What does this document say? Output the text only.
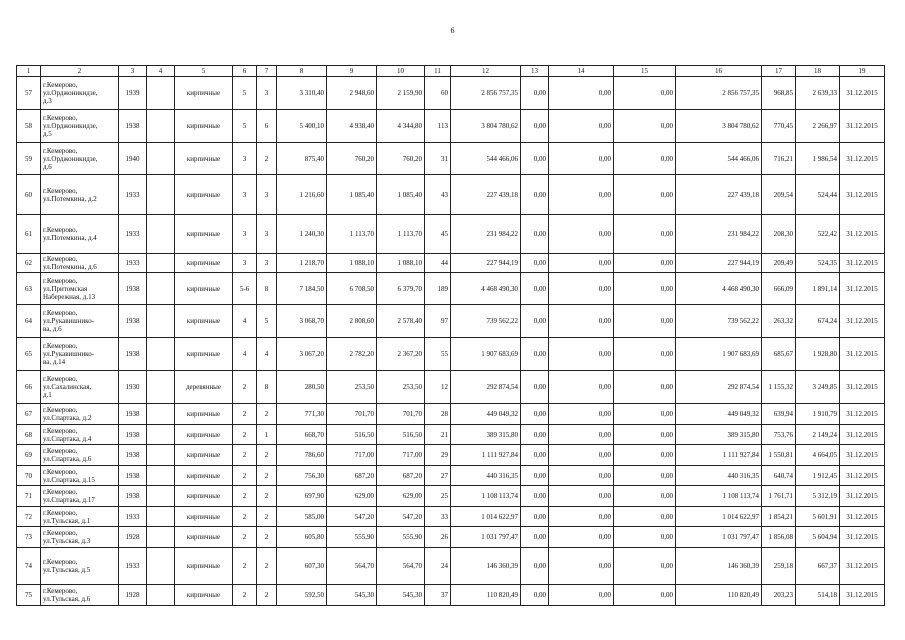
6
1	2	3	4	5	6	7	8	9	10	11	12	13	14	15	16	17	18	19
57	г.Кемерово,
ул.Орджоникидзе,
д.3	1939		кирпичные	5	3	3 310,40	2 948,60	2 159,90	60	2 856 757,35	0,00	0,00	0,00	2 856 757,35	968,85	2 639,33	31.12.2015
58	г.Кемерово,
ул.Орджоникидзе,
д.5	1938		кирпичные	5	6	5 400,10	4 938,40	4 344,80	113	3 804 780,62	0,00	0,00	0,00	3 804 780,62	770,45	2 266,97	31.12.2015
59	г.Кемерово,
ул.Орджоникидзе,
д.6	1940		кирпичные	3	2	875,40	760,20	760,20	31	544 466,06	0,00	0,00	0,00	544 466,06	716,21	1 986,54	31.12.2015
60	г.Кемерово,
ул.Потемкина, д.2	1933		кирпичные	3	3	1 216,60	1 085,40	1 085,40	43	227 439,18	0,00	0,00	0,00	227 439,18	209,54	524,44	31.12.2015
61	г.Кемерово,
ул.Потемкина, д.4	1933		кирпичные	3	3	1 240,30	1 113,70	1 113,70	45	231 984,22	0,00	0,00	0,00	231 984,22	208,30	522,42	31.12.2015
62	г.Кемерово,
ул.Потемкина, д.6	1933		кирпичные	3	3	1 218,70	1 088,10	1 088,10	44	227 944,19	0,00	0,00	0,00	227 944,19	209,49	524,35	31.12.2015
63	г.Кемерово,
ул.Притомская
Набережная, д.13	1938		кирпичные	5-6	8	7 184,50	6 708,50	6 379,70	189	4 468 490,30	0,00	0,00	0,00	4 468 490,30	666,09	1 891,14	31.12.2015
64	г.Кемерово,
ул.Рукавишнико-
ва, д.6	1938		кирпичные	4	5	3 068,70	2 808,60	2 578,40	97	739 562,22	0,00	0,00	0,00	739 562,22	263,32	674,24	31.12.2015
65	г.Кемерово,
ул.Рукавишнико-
ва, д.14	1938		кирпичные	4	4	3 067,20	2 782,20	2 367,20	55	1 907 683,69	0,00	0,00	0,00	1 907 683,69	685,67	1 928,80	31.12.2015
66	г.Кемерово,
ул.Сахалинская,
д.1	1930		деревянные	2	8	280,50	253,50	253,50	12	292 874,54	0,00	0,00	0,00	292 874,54	1 155,32	3 249,85	31.12.2015
67	г.Кемерово,
ул.Спартака, д.2	1938		кирпичные	2	2	771,30	701,70	701,70	28	449 049,32	0,00	0,00	0,00	449 049,32	639,94	1 910,79	31.12.2015
68	г.Кемерово,
ул.Спартака, д.4	1938		кирпичные	2	1	668,70	516,50	516,50	21	389 315,80	0,00	0,00	0,00	389 315,80	753,76	2 149,24	31.12.2015
69	г.Кемерово,
ул.Спартака, д.6	1938		кирпичные	2	2	786,60	717,00	717,00	29	1 111 927,84	0,00	0,00	0,00	1 111 927,84	1 550,81	4 664,05	31.12.2015
70	г.Кемерово,
ул.Спартака, д.15	1938		кирпичные	2	2	756,30	687,20	687,20	27	440 316,35	0,00	0,00	0,00	440 316,35	640,74	1 912,45	31.12.2015
71	г.Кемерово,
ул.Спартака, д.17	1938		кирпичные	2	2	697,90	629,00	629,00	25	1 108 113,74	0,00	0,00	0,00	1 108 113,74	1 761,71	5 312,19	31.12.2015
72	г.Кемерово,
ул.Тульская, д.1	1933		кирпичные	2	2	585,00	547,20	547,20	33	1 014 622,97	0,00	0,00	0,00	1 014 622,97	1 854,21	5 601,91	31.12.2015
73	г.Кемерово,
ул.Тульская, д.3	1928		кирпичные	2	2	605,80	555,90	555,90	26	1 031 797,47	0,00	0,00	0,00	1 031 797,47	1 856,08	5 604,94	31.12.2015
74	г.Кемерово,
ул.Тульская, д.5	1933		кирпичные	2	2	607,30	564,70	564,70	24	146 360,39	0,00	0,00	0,00	146 360,39	259,18	667,37	31.12.2015
75	г.Кемерово,
ул.Тульская, д.6	1928		кирпичные	2	2	592,50	545,30	545,30	37	110 820,49	0,00	0,00	0,00	110 820,49	203,23	514,18	31.12.2015
